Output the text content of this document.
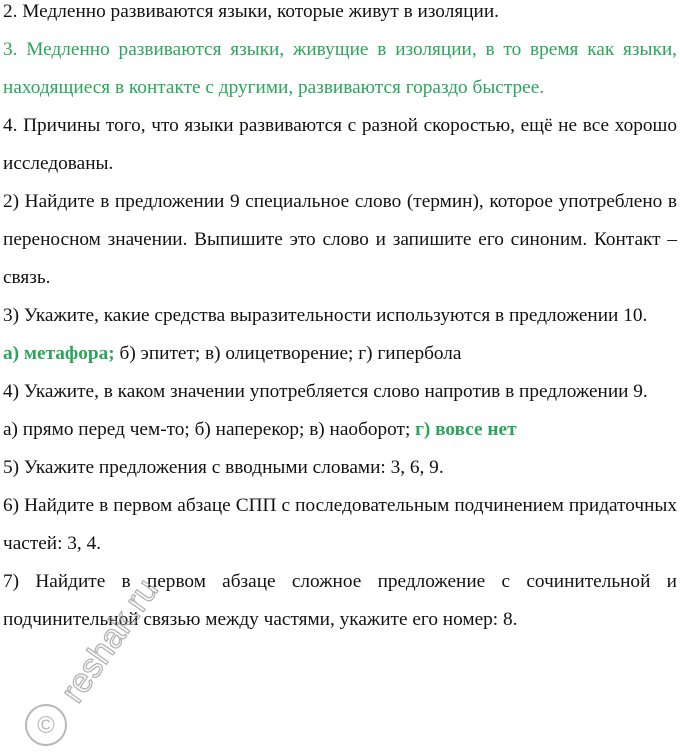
2. Медленно развиваются языки, которые живут в изоляции.

3. Медленно развиваются языки, живущие в изоляции, в то время как языки, находящиеся в контакте с другими, развиваются гораздо быстрее.

4. Причины того, что языки развиваются с разной скоростью, ещё не все хорошо исследованы.

2) Найдите в предложении 9 специальное слово (термин), которое употреблено в переносном значении. Выпишите это слово и запишите его синоним. Контакт – связь.

3) Укажите, какие средства выразительности используются в предложении 10.

а) метафора; б) эпитет; в) олицетворение; г) гипербола

4) Укажите, в каком значении употребляется слово напротив в предложении 9.

а) прямо перед чем-то; б) наперекор; в) наоборот; г) вовсе нет

5) Укажите предложения с вводными словами: 3, 6, 9.

6) Найдите в первом абзаце СПП с последовательным подчинением придаточных частей: 3, 4.

7) Найдите в первом абзаце сложное предложение с сочинительной и подчинительной связью между частями, укажите его номер: 8.

©
reshak.ru
